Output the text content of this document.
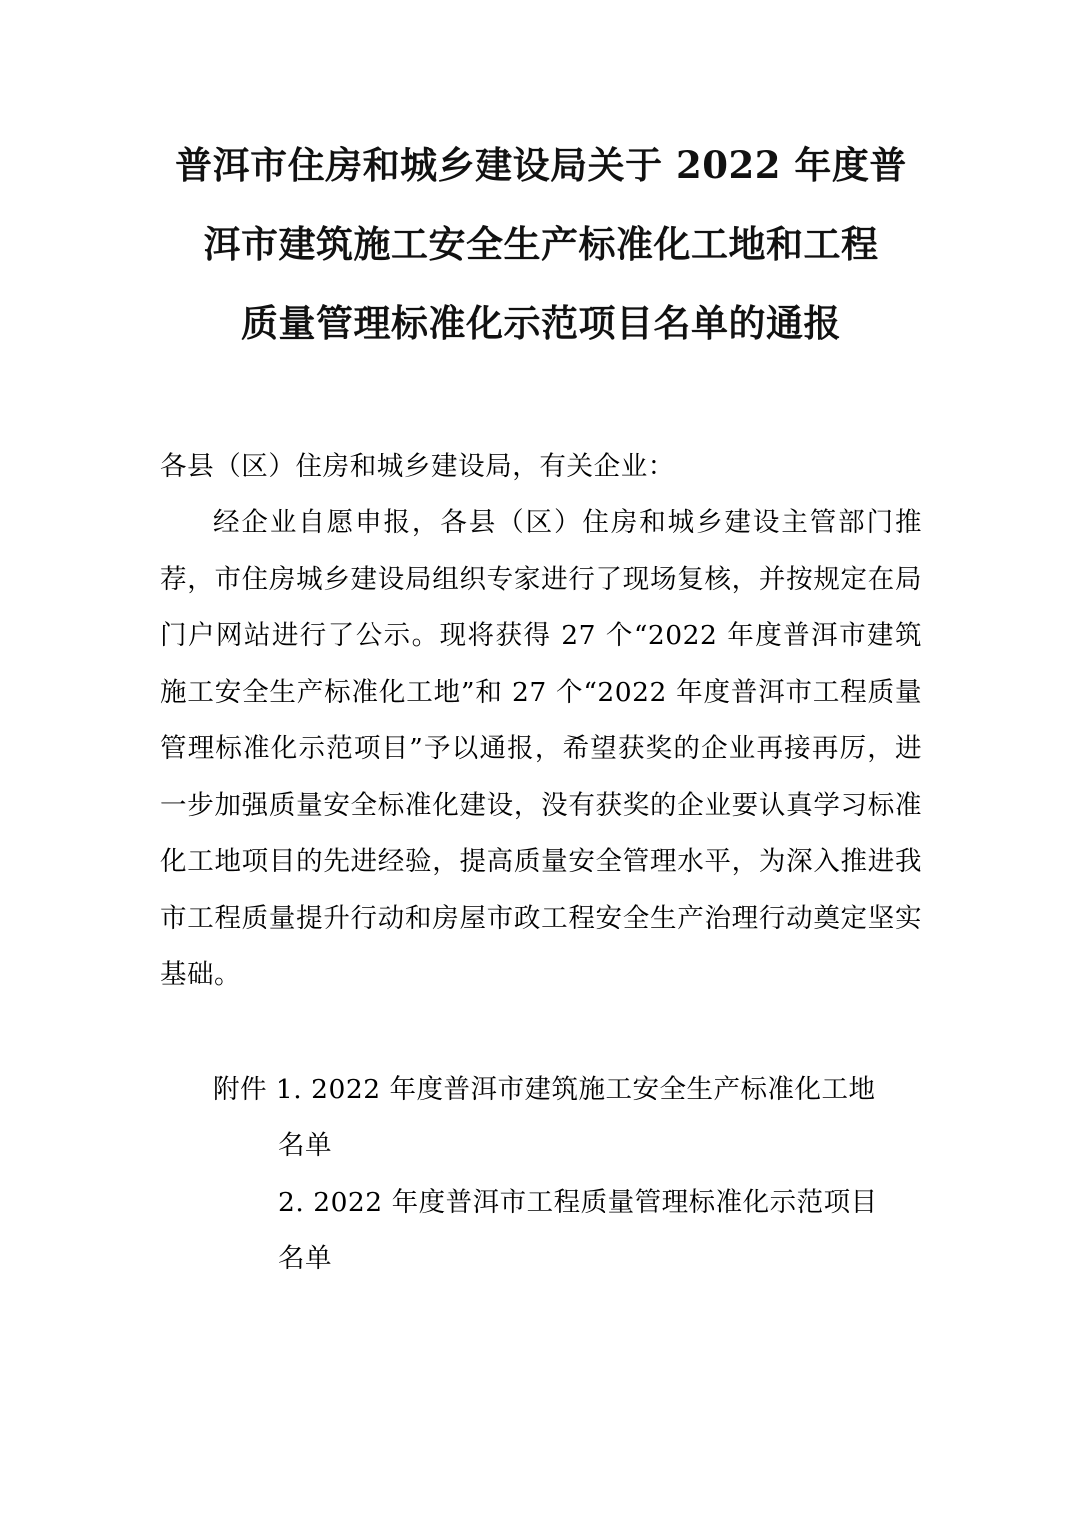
普洱市住房和城乡建设局关于 2022 年度普
洱市建筑施工安全生产标准化工地和工程
质量管理标准化示范项目名单的通报

各县（区）住房和城乡建设局，有关企业：

经企业自愿申报，各县（区）住房和城乡建设主管部门推荐，市住房城乡建设局组织专家进行了现场复核，并按规定在局门户网站进行了公示。现将获得 27 个“2022 年度普洱市建筑施工安全生产标准化工地”和 27 个“2022 年度普洱市工程质量管理标准化示范项目”予以通报，希望获奖的企业再接再厉，进一步加强质量安全标准化建设，没有获奖的企业要认真学习标准化工地项目的先进经验，提高质量安全管理水平，为深入推进我市工程质量提升行动和房屋市政工程安全生产治理行动奠定坚实基础。

附件 1. 2022 年度普洱市建筑施工安全生产标准化工地

名单

2. 2022 年度普洱市工程质量管理标准化示范项目

名单
